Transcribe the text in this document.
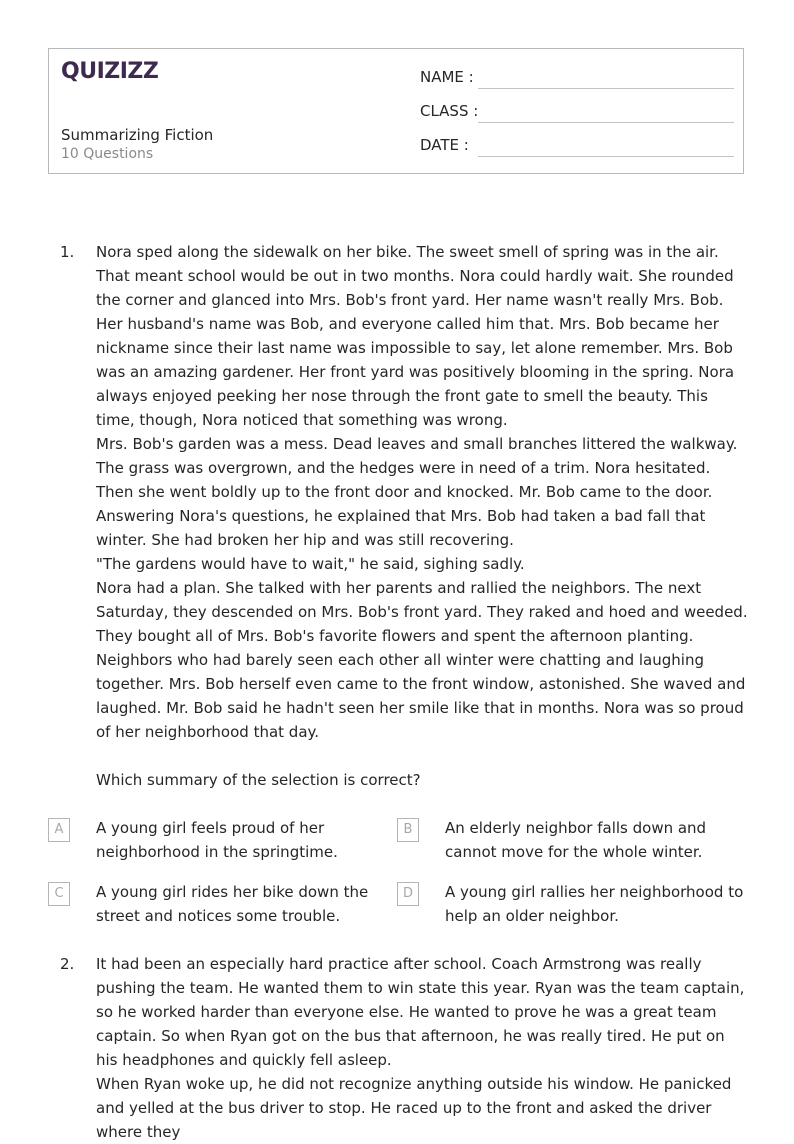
QUIZIZZ
Summarizing Fiction
10 Questions
NAME :
CLASS :
DATE :
1. Nora sped along the sidewalk on her bike. The sweet smell of spring was in the air. That meant school would be out in two months. Nora could hardly wait. She rounded the corner and glanced into Mrs. Bob's front yard. Her name wasn't really Mrs. Bob. Her husband's name was Bob, and everyone called him that. Mrs. Bob became her nickname since their last name was impossible to say, let alone remember. Mrs. Bob was an amazing gardener. Her front yard was positively blooming in the spring. Nora always enjoyed peeking her nose through the front gate to smell the beauty. This time, though, Nora noticed that something was wrong.

Mrs. Bob's garden was a mess. Dead leaves and small branches littered the walkway. The grass was overgrown, and the hedges were in need of a trim. Nora hesitated. Then she went boldly up to the front door and knocked. Mr. Bob came to the door. Answering Nora's questions, he explained that Mrs. Bob had taken a bad fall that winter. She had broken her hip and was still recovering.

"The gardens would have to wait," he said, sighing sadly.

Nora had a plan. She talked with her parents and rallied the neighbors. The next Saturday, they descended on Mrs. Bob's front yard. They raked and hoed and weeded. They bought all of Mrs. Bob's favorite flowers and spent the afternoon planting. Neighbors who had barely seen each other all winter were chatting and laughing together. Mrs. Bob herself even came to the front window, astonished. She waved and laughed. Mr. Bob said he hadn't seen her smile like that in months. Nora was so proud of her neighborhood that day.

Which summary of the selection is correct?

A	A young girl feels proud of her neighborhood in the springtime.
B	An elderly neighbor falls down and cannot move for the whole winter.
C	A young girl rides her bike down the street and notices some trouble.
D	A young girl rallies her neighborhood to help an older neighbor.
2. It had been an especially hard practice after school. Coach Armstrong was really pushing the team. He wanted them to win state this year. Ryan was the team captain, so he worked harder than everyone else. He wanted to prove he was a great team captain. So when Ryan got on the bus that afternoon, he was really tired. He put on his headphones and quickly fell asleep.

When Ryan woke up, he did not recognize anything outside his window. He panicked and yelled at the bus driver to stop. He raced up to the front and asked the driver where they
